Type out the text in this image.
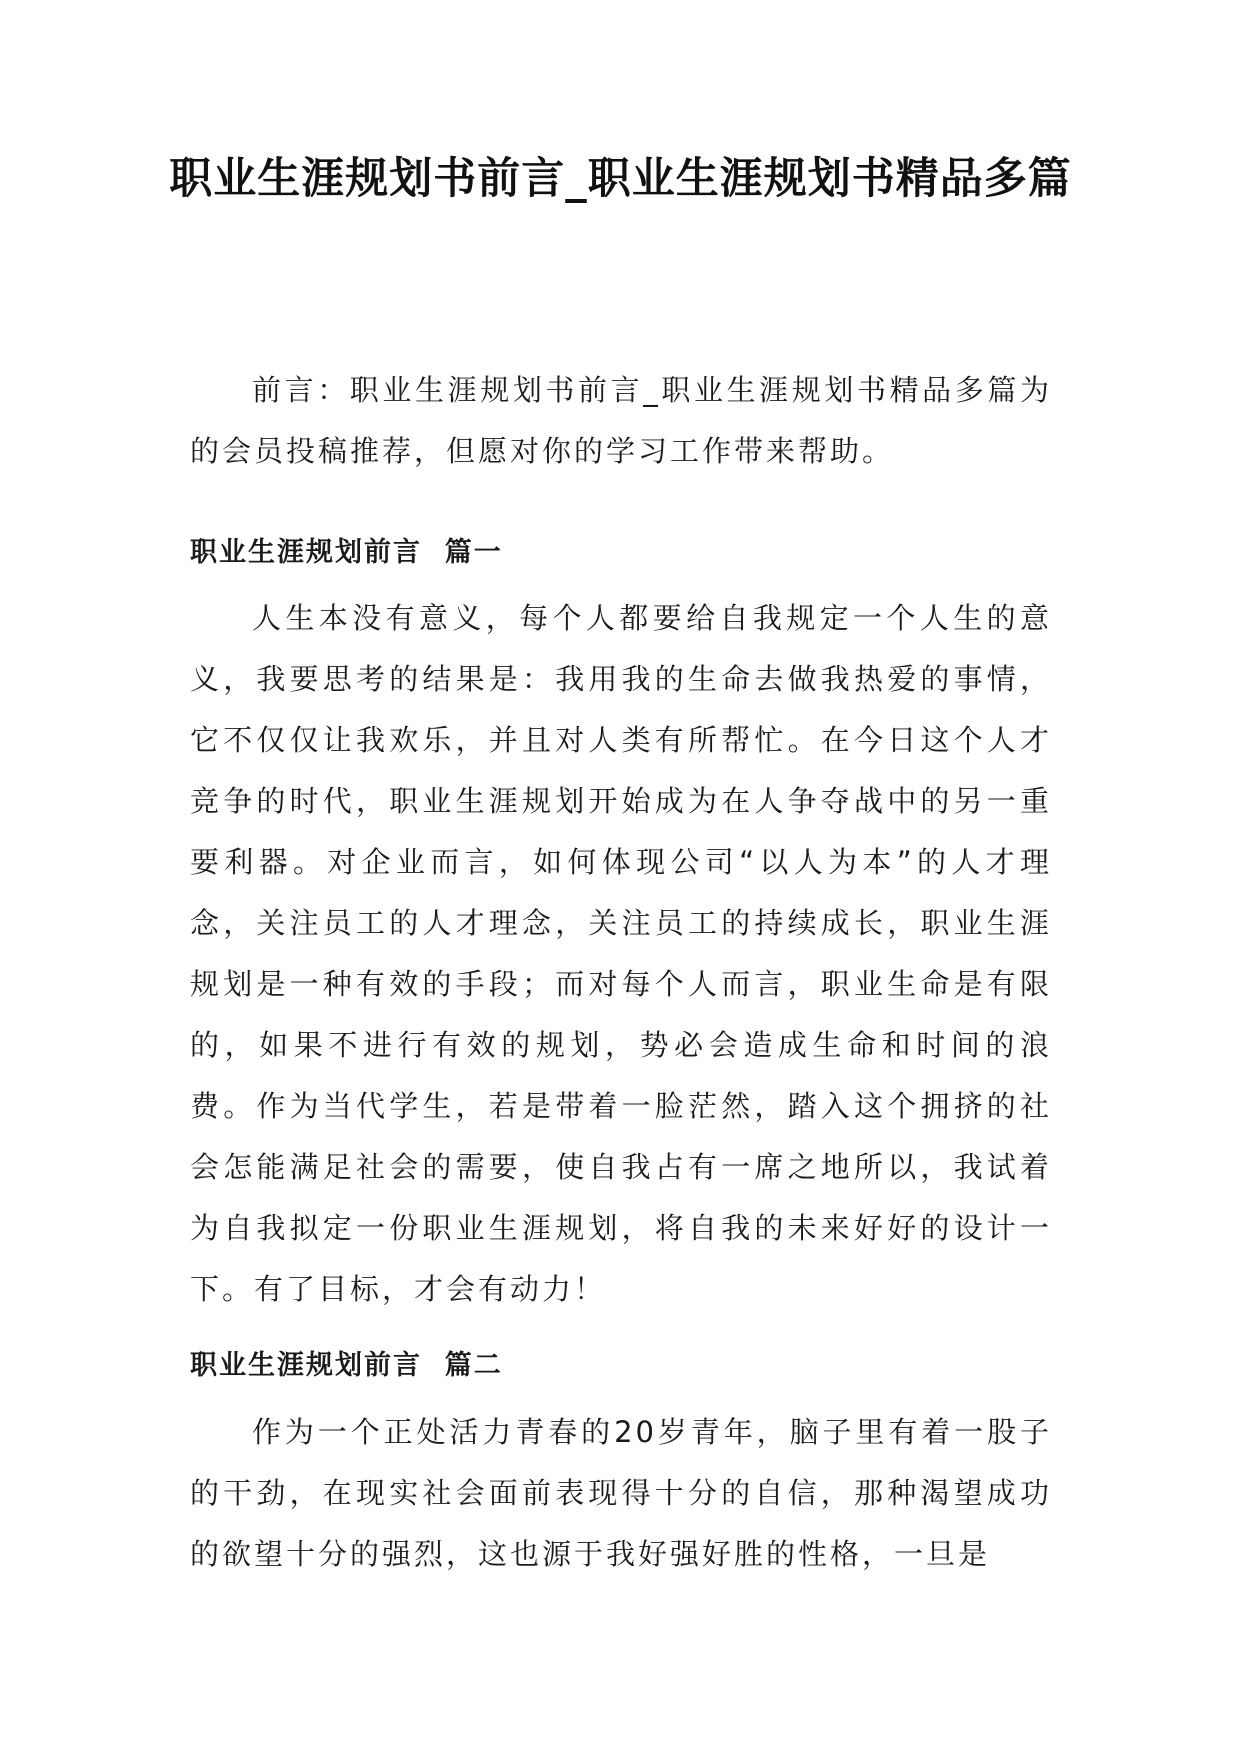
职业生涯规划书前言_职业生涯规划书精品多篇

前言：职业生涯规划书前言_职业生涯规划书精品多篇为的会员投稿推荐，但愿对你的学习工作带来帮助。

职业生涯规划前言  篇一

人生本没有意义，每个人都要给自我规定一个人生的意义，我要思考的结果是：我用我的生命去做我热爱的事情，它不仅仅让我欢乐，并且对人类有所帮忙。在今日这个人才竞争的时代，职业生涯规划开始成为在人争夺战中的另一重要利器。对企业而言，如何体现公司“以人为本”的人才理念，关注员工的人才理念，关注员工的持续成长，职业生涯规划是一种有效的手段；而对每个人而言，职业生命是有限的，如果不进行有效的规划，势必会造成生命和时间的浪费。作为当代学生，若是带着一脸茫然，踏入这个拥挤的社会怎能满足社会的需要，使自我占有一席之地所以，我试着为自我拟定一份职业生涯规划，将自我的未来好好的设计一下。有了目标，才会有动力！

职业生涯规划前言  篇二

作为一个正处活力青春的20岁青年，脑子里有着一股子的干劲，在现实社会面前表现得十分的自信，那种渴望成功的欲望十分的强烈，这也源于我好强好胜的性格，一旦是
